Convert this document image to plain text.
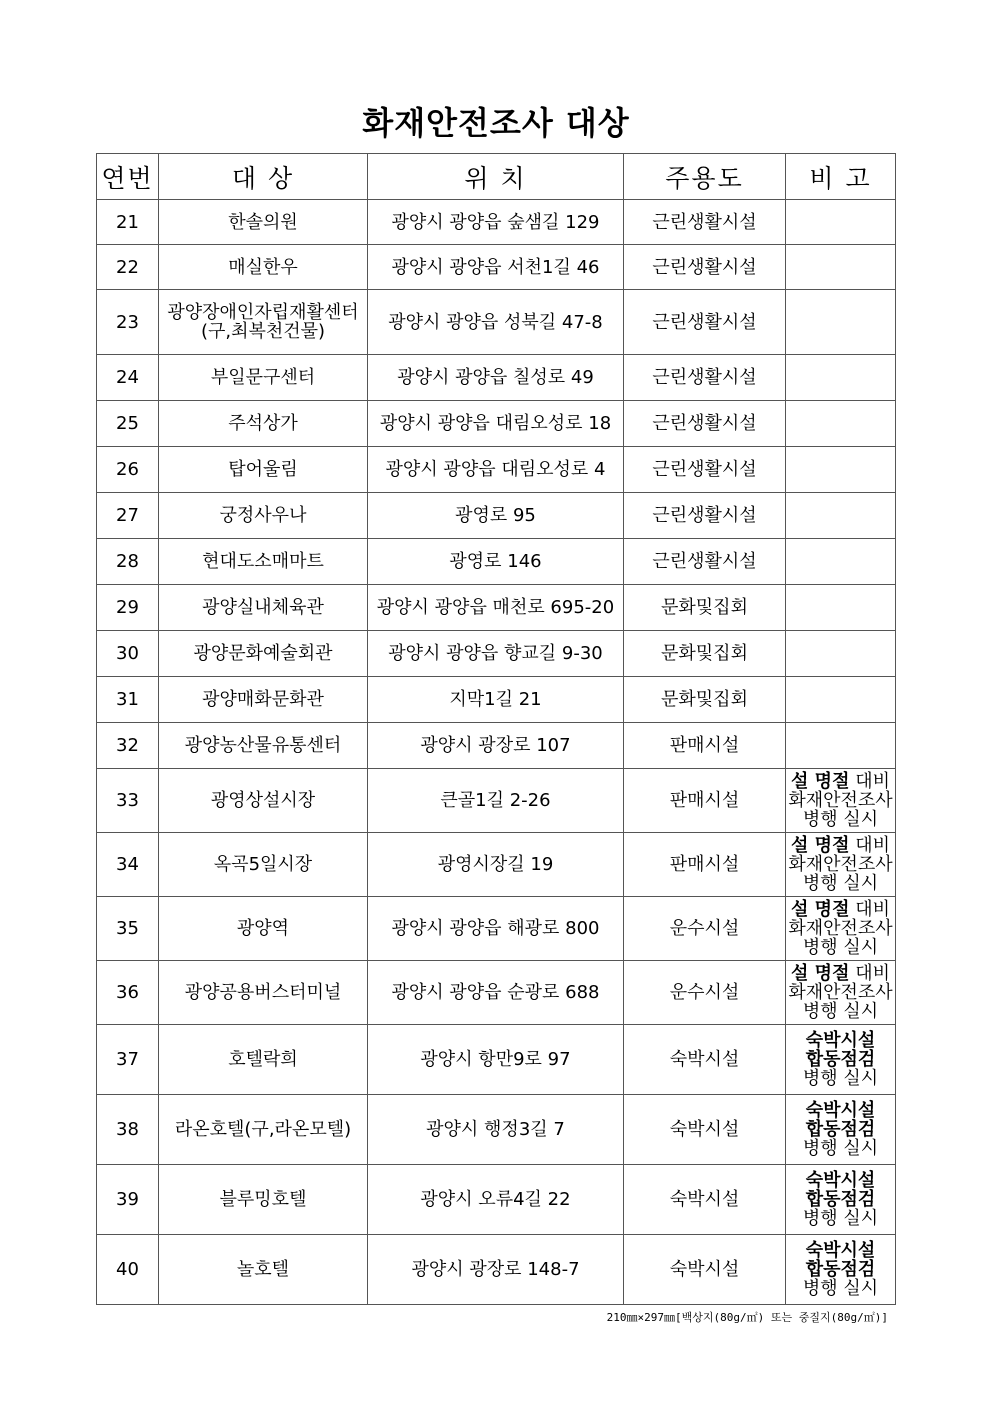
화재안전조사 대상
연번	대 상	위 치	주용도	비 고
21	한솔의원	광양시 광양읍 숲샘길 129	근린생활시설	
22	매실한우	광양시 광양읍 서천1길 46	근린생활시설	
23	광양장애인자립재활센터
(구,최복천건물)	광양시 광양읍 성북길 47-8	근린생활시설	
24	부일문구센터	광양시 광양읍 칠성로 49	근린생활시설	
25	주석상가	광양시 광양읍 대림오성로 18	근린생활시설	
26	탑어울림	광양시 광양읍 대림오성로 4	근린생활시설	
27	궁정사우나	광영로 95	근린생활시설	
28	현대도소매마트	광영로 146	근린생활시설	
29	광양실내체육관	광양시 광양읍 매천로 695-20	문화및집회	
30	광양문화예술회관	광양시 광양읍 향교길 9-30	문화및집회	
31	광양매화문화관	지막1길 21	문화및집회	
32	광양농산물유통센터	광양시 광장로 107	판매시설	
33	광영상설시장	큰골1길 2-26	판매시설	설 명절 대비
화재안전조사
병행 실시

34	옥곡5일시장	광영시장길 19	판매시설	설 명절 대비
화재안전조사
병행 실시

35	광양역	광양시 광양읍 해광로 800	운수시설	설 명절 대비
화재안전조사
병행 실시

36	광양공용버스터미널	광양시 광양읍 순광로 688	운수시설	설 명절 대비
화재안전조사
병행 실시

37	호텔락희	광양시 항만9로 97	숙박시설	숙박시설
합동점검
병행 실시

38	라온호텔(구,라온모텔)	광양시 행정3길 7	숙박시설	숙박시설
합동점검
병행 실시

39	블루밍호텔	광양시 오류4길 22	숙박시설	숙박시설
합동점검
병행 실시

40	놀호텔	광양시 광장로 148-7	숙박시설	숙박시설
합동점검
병행 실시
210㎜×297㎜[백상지(80g/㎡) 또는 중질지(80g/㎡)]
